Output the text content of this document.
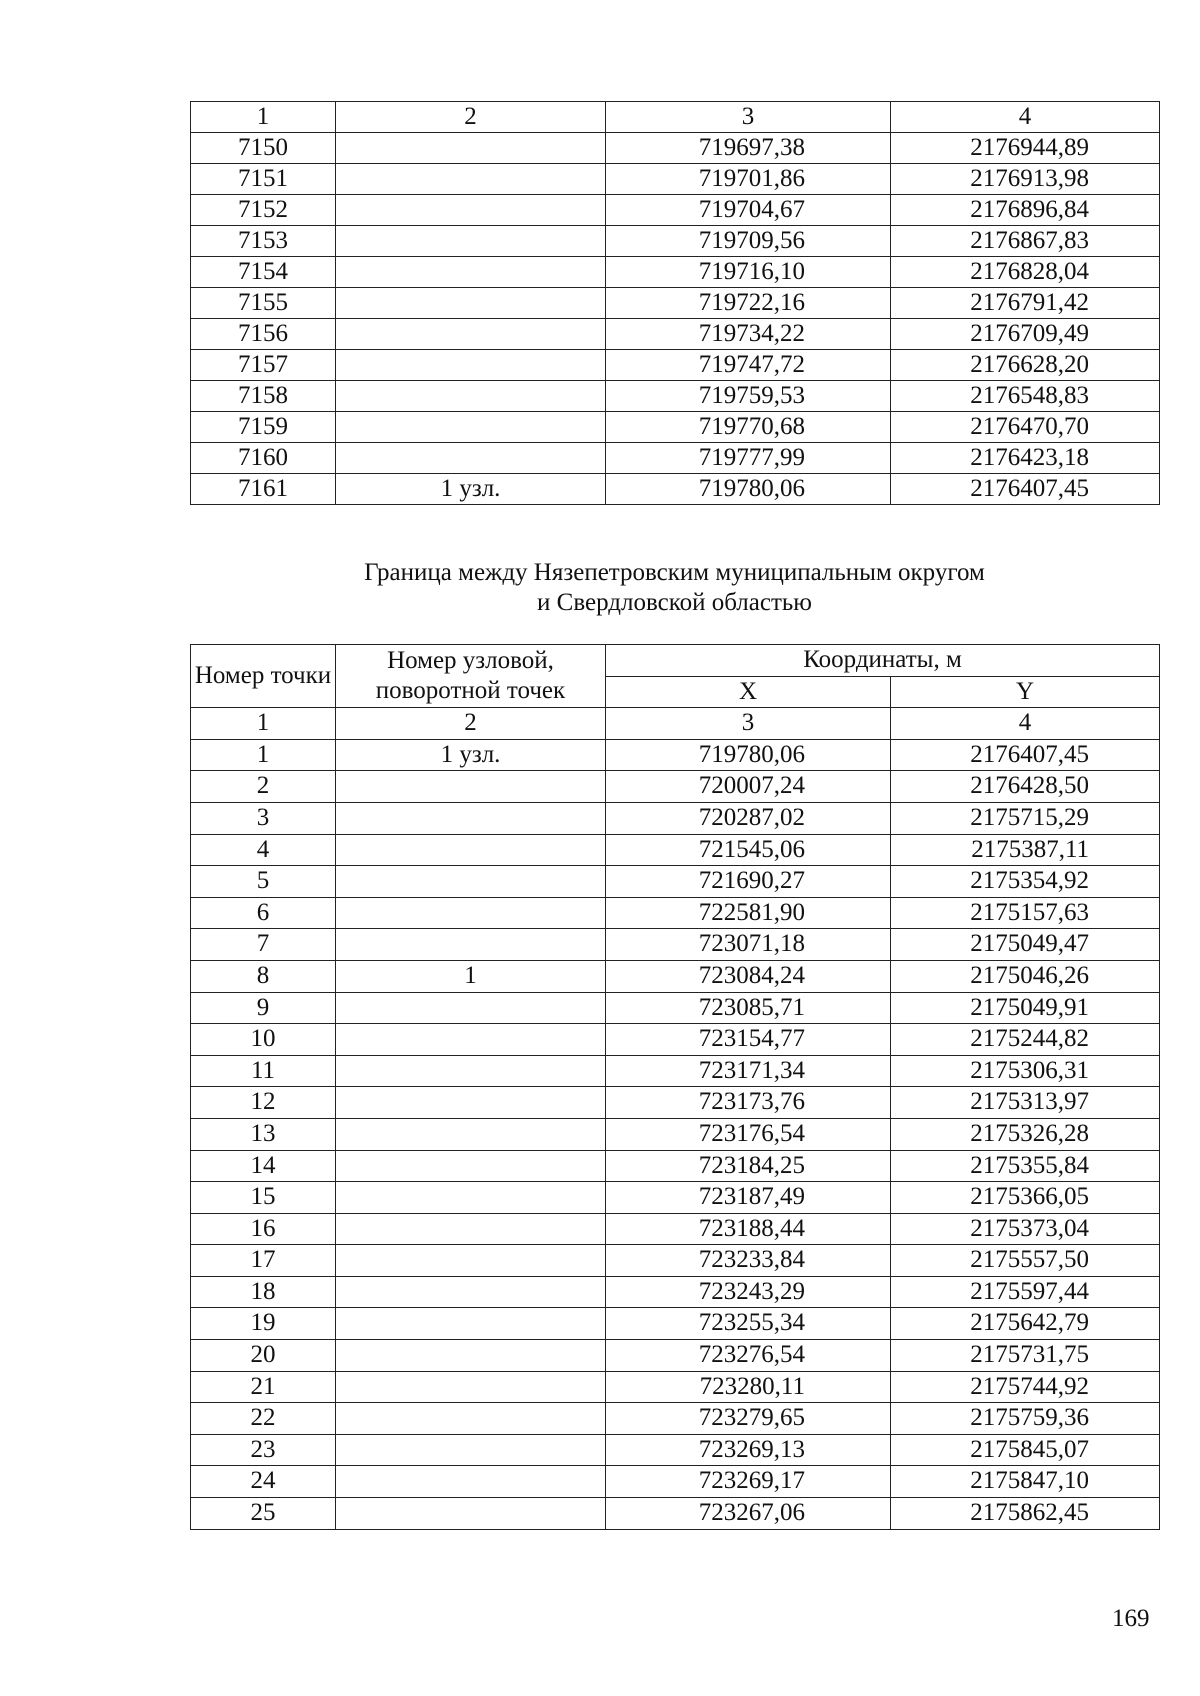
1	2	3	4
7150		719697,38	2176944,89
7151		719701,86	2176913,98
7152		719704,67	2176896,84
7153		719709,56	2176867,83
7154		719716,10	2176828,04
7155		719722,16	2176791,42
7156		719734,22	2176709,49
7157		719747,72	2176628,20
7158		719759,53	2176548,83
7159		719770,68	2176470,70
7160		719777,99	2176423,18
7161	1 узл.	719780,06	2176407,45
Граница между Нязепетровским муниципальным округом
и Свердловской областью
Номер точки	Номер узловой, поворотной точек	Координаты, м	
		X	Y
1	2	3	4
1	1 узл.	719780,06	2176407,45
2		720007,24	2176428,50
3		720287,02	2175715,29
4		721545,06	2175387,11
5		721690,27	2175354,92
6		722581,90	2175157,63
7		723071,18	2175049,47
8	1	723084,24	2175046,26
9		723085,71	2175049,91
10		723154,77	2175244,82
11		723171,34	2175306,31
12		723173,76	2175313,97
13		723176,54	2175326,28
14		723184,25	2175355,84
15		723187,49	2175366,05
16		723188,44	2175373,04
17		723233,84	2175557,50
18		723243,29	2175597,44
19		723255,34	2175642,79
20		723276,54	2175731,75
21		723280,11	2175744,92
22		723279,65	2175759,36
23		723269,13	2175845,07
24		723269,17	2175847,10
25		723267,06	2175862,45
169
